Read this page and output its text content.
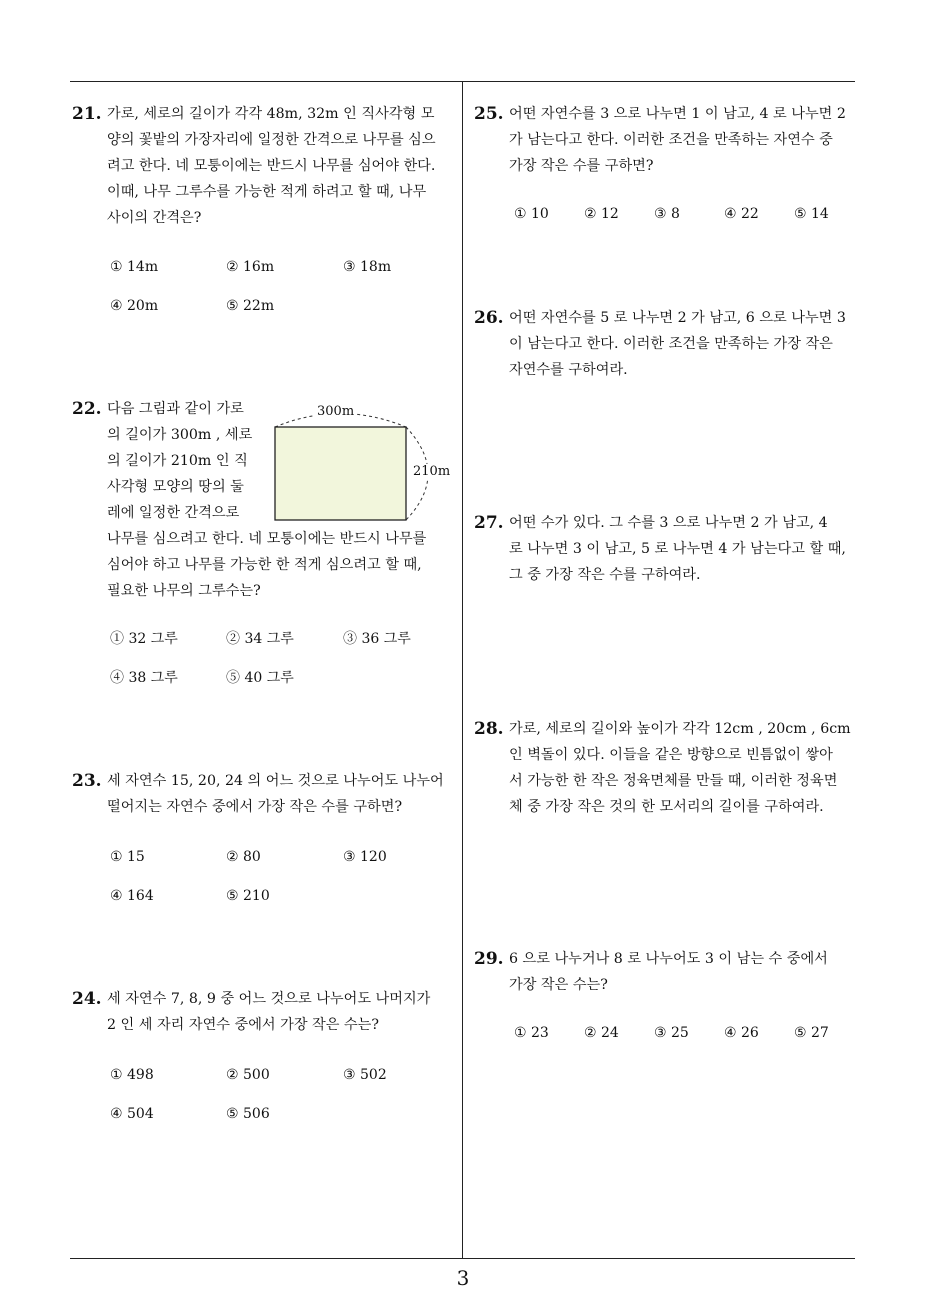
21. 가로, 세로의 길이가 각각 48m, 32m 인 직사각형 모
양의 꽃밭의 가장자리에 일정한 간격으로 나무를 심으
려고 한다. 네 모퉁이에는 반드시 나무를 심어야 한다.
이때, 나무 그루수를 가능한 적게 하려고 할 때, 나무
사이의 간격은?
① 14m	② 16m	③ 18m
④ 20m	⑤ 22m
22. 다음 그림과 같이 가로
의 길이가 300m , 세로
의 길이가 210m 인 직
사각형 모양의 땅의 둘
레에 일정한 간격으로
나무를 심으려고 한다. 네 모퉁이에는 반드시 나무를
심어야 하고 나무를 가능한 한 적게 심으려고 할 때,
필요한 나무의 그루수는?
300m
210m
① 32 그루	② 34 그루	③ 36 그루
④ 38 그루	⑤ 40 그루
23. 세 자연수 15, 20, 24 의 어느 것으로 나누어도 나누어
떨어지는 자연수 중에서 가장 작은 수를 구하면?
① 15	② 80	③ 120
④ 164	⑤ 210
24. 세 자연수 7, 8, 9 중 어느 것으로 나누어도 나머지가
2 인 세 자리 자연수 중에서 가장 작은 수는?
① 498	② 500	③ 502
④ 504	⑤ 506
25. 어떤 자연수를 3 으로 나누면 1 이 남고, 4 로 나누면 2
가 남는다고 한다. 이러한 조건을 만족하는 자연수 중
가장 작은 수를 구하면?
① 10	② 12	③ 8	④ 22	⑤ 14
26. 어떤 자연수를 5 로 나누면 2 가 남고, 6 으로 나누면 3
이 남는다고 한다. 이러한 조건을 만족하는 가장 작은
자연수를 구하여라.
27. 어떤 수가 있다. 그 수를 3 으로 나누면 2 가 남고, 4
로 나누면 3 이 남고, 5 로 나누면 4 가 남는다고 할 때,
그 중 가장 작은 수를 구하여라.
28. 가로, 세로의 길이와 높이가 각각 12cm , 20cm , 6cm
인 벽돌이 있다. 이들을 같은 방향으로 빈틈없이 쌓아
서 가능한 한 작은 정육면체를 만들 때, 이러한 정육면
체 중 가장 작은 것의 한 모서리의 길이를 구하여라.
29. 6 으로 나누거나 8 로 나누어도 3 이 남는 수 중에서
가장 작은 수는?
① 23	② 24	③ 25	④ 26	⑤ 27
3
